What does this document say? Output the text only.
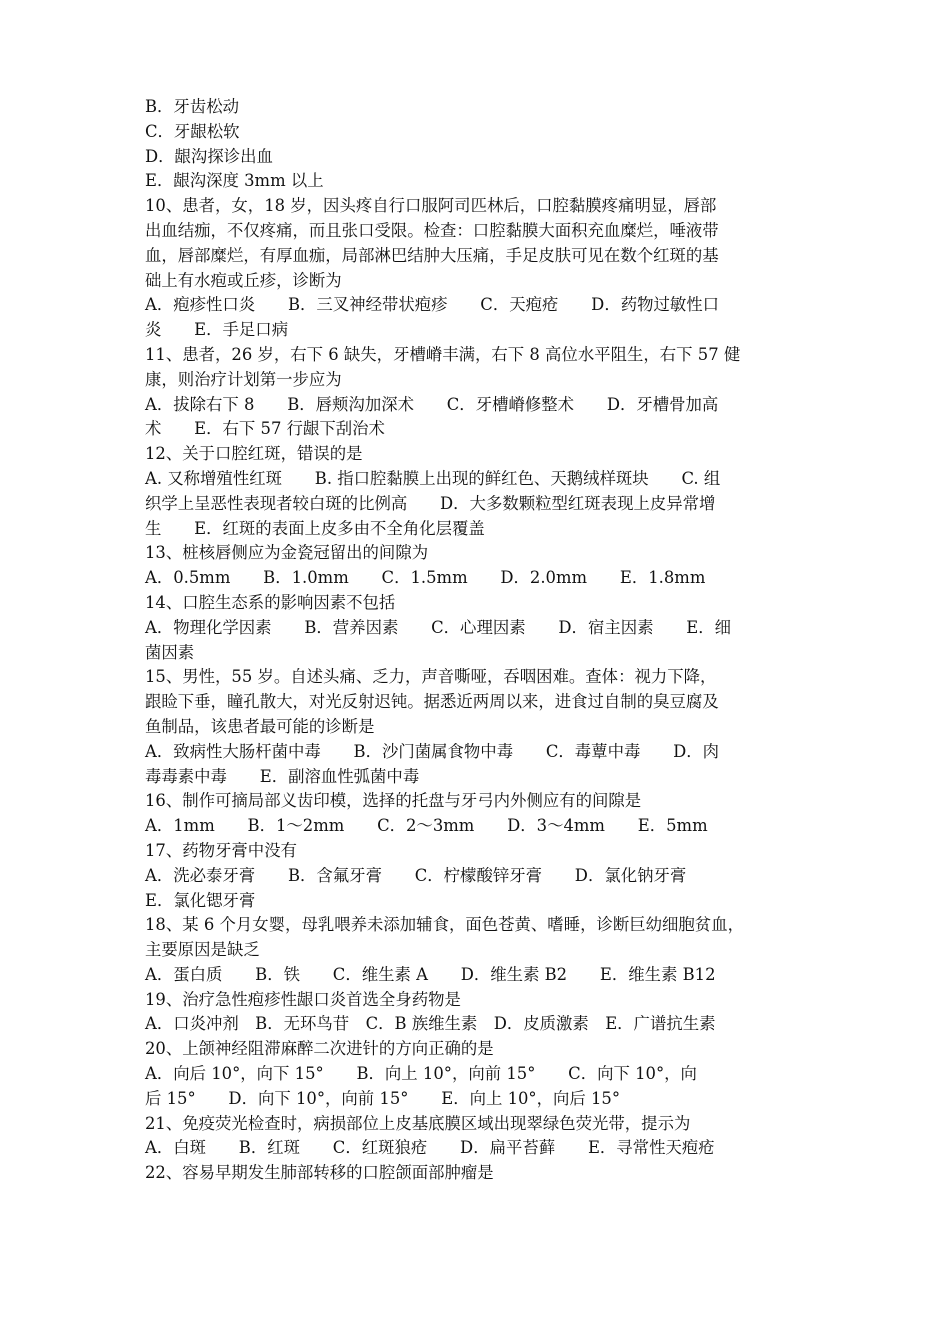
B．牙齿松动
C．牙龈松软
D．龈沟探诊出血
E．龈沟深度 3mm 以上
10、患者，女，18 岁，因头疼自行口服阿司匹林后，口腔黏膜疼痛明显，唇部
出血结痂，不仅疼痛，而且张口受限。检查：口腔黏膜大面积充血糜烂，唾液带
血，唇部糜烂，有厚血痂，局部淋巴结肿大压痛，手足皮肤可见在数个红斑的基
础上有水疱或丘疹，诊断为
A．疱疹性口炎　　B．三叉神经带状疱疹　　C．天疱疮　　D．药物过敏性口
炎　　E．手足口病
11、患者，26 岁，右下 6 缺失，牙槽嵴丰满，右下 8 高位水平阻生，右下 57 健
康，则治疗计划第一步应为
A．拔除右下 8　　B．唇颊沟加深术　　C．牙槽嵴修整术　　D．牙槽骨加高
术　　E．右下 57 行龈下刮治术
12、关于口腔红斑，错误的是
A. 又称增殖性红斑　　B. 指口腔黏膜上出现的鲜红色、天鹅绒样斑块　　C. 组
织学上呈恶性表现者较白斑的比例高　　D．大多数颗粒型红斑表现上皮异常增
生　　E．红斑的表面上皮多由不全角化层覆盖
13、桩核唇侧应为金瓷冠留出的间隙为
A．0.5mm　　B．1.0mm　　C．1.5mm　　D．2.0mm　　E．1.8mm
14、口腔生态系的影响因素不包括
A．物理化学因素　　B．营养因素　　C．心理因素　　D．宿主因素　　E．细
菌因素
15、男性，55 岁。自述头痛、乏力，声音嘶哑，吞咽困难。查体：视力下降，
跟睑下垂，瞳孔散大，对光反射迟钝。据悉近两周以来，进食过自制的臭豆腐及
鱼制品，该患者最可能的诊断是
A．致病性大肠杆菌中毒　　B．沙门菌属食物中毒　　C．毒蕈中毒　　D．肉
毒毒素中毒　　E．副溶血性弧菌中毒
16、制作可摘局部义齿印模，选择的托盘与牙弓内外侧应有的间隙是
A．1mm　　B．1～2mm　　C．2～3mm　　D．3～4mm　　E．5mm
17、药物牙膏中没有
A．洗必泰牙膏　　B．含氟牙膏　　C．柠檬酸锌牙膏　　D．氯化钠牙膏
E．氯化锶牙膏
18、某 6 个月女婴，母乳喂养未添加辅食，面色苍黄、嗜睡，诊断巨幼细胞贫血，
主要原因是缺乏
A．蛋白质　　B．铁　　C．维生素 A　　D．维生素 B2　　E．维生素 B12
19、治疗急性疱疹性龈口炎首选全身药物是
A．口炎冲剂　B．无环鸟苷　C．B 族维生素　D．皮质激素　E．广谱抗生素
20、上颌神经阻滞麻醉二次进针的方向正确的是
A．向后 10°，向下 15°　　B．向上 10°，向前 15°　　C．向下 10°，向
后 15°　　D．向下 10°，向前 15°　　E．向上 10°，向后 15°
21、免疫荧光检查时，病损部位上皮基底膜区域出现翠绿色荧光带，提示为
A．白斑　　B．红斑　　C．红斑狼疮　　D．扁平苔藓　　E．寻常性天疱疮
22、容易早期发生肺部转移的口腔颌面部肿瘤是
